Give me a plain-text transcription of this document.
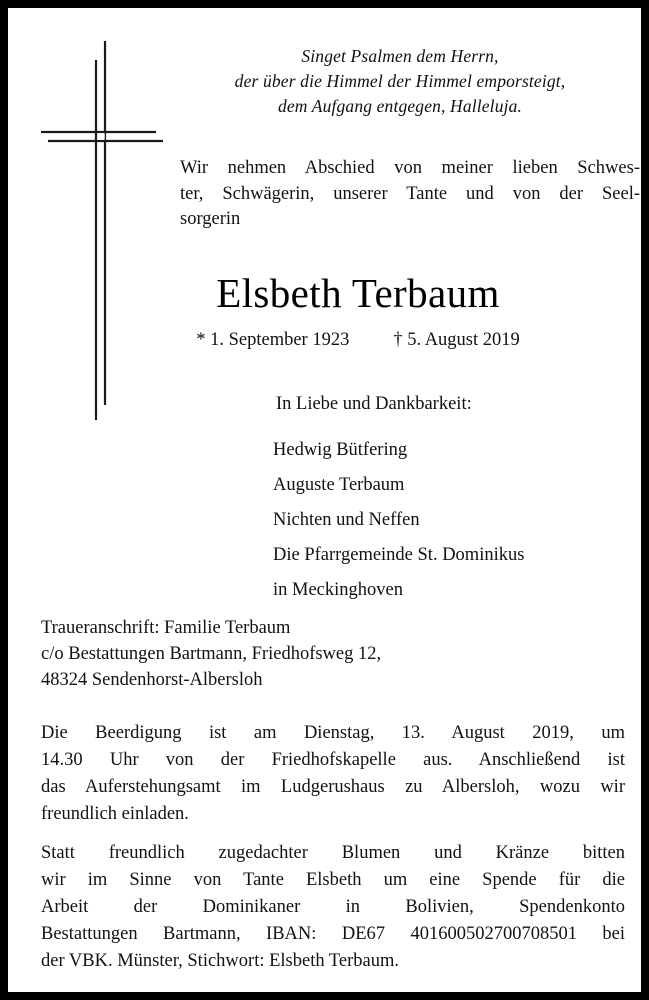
Singet Psalmen dem Herrn,
der über die Himmel der Himmel emporsteigt,
dem Aufgang entgegen, Halleluja.
Wir nehmen Abschied von meiner lieben Schwes-
ter, Schwägerin, unserer Tante und von der Seel-
sorgerin
Elsbeth Terbaum
* 1. September 1923 † 5. August 2019
In Liebe und Dankbarkeit:
Hedwig Bütfering
Auguste Terbaum
Nichten und Neffen
Die Pfarrgemeinde St. Dominikus
in Meckinghoven
Traueranschrift: Familie Terbaum
c/o Bestattungen Bartmann, Friedhofsweg 12,
48324 Sendenhorst-Albersloh
Die Beerdigung ist am Dienstag, 13. August 2019, um
14.30 Uhr von der Friedhofskapelle aus. Anschließend ist
das Auferstehungsamt im Ludgerushaus zu Albersloh, wozu wir
freundlich einladen.
Statt freundlich zugedachter Blumen und Kränze bitten
wir im Sinne von Tante Elsbeth um eine Spende für die
Arbeit der Dominikaner in Bolivien, Spendenkonto
Bestattungen Bartmann, IBAN: DE67 401600502700708501 bei
der VBK. Münster, Stichwort: Elsbeth Terbaum.
